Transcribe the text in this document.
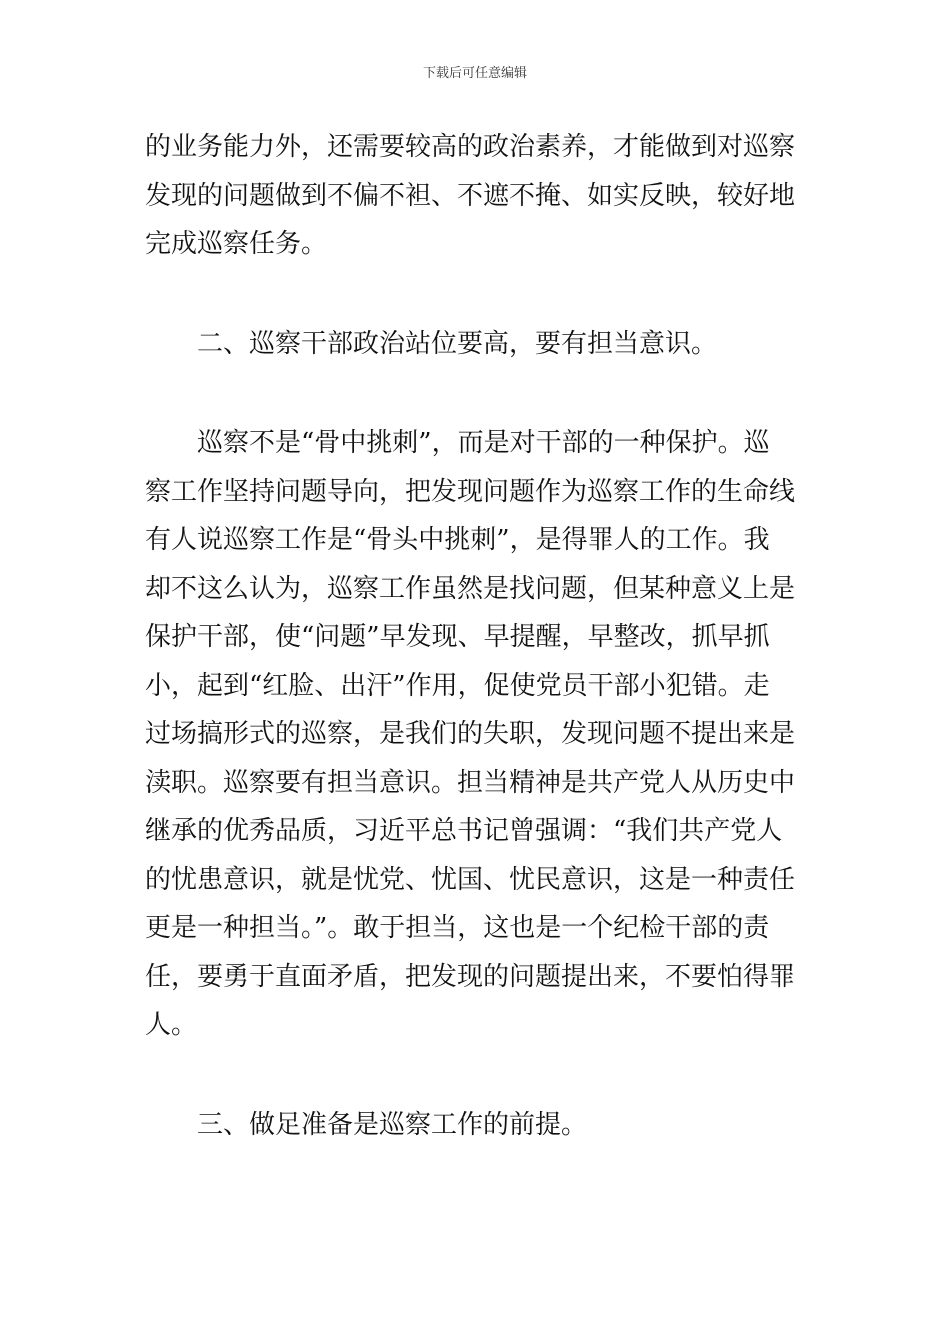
下载后可任意编辑
的业务能力外，还需要较高的政治素养，才能做到对巡察
发现的问题做到不偏不袒、不遮不掩、如实反映，较好地
完成巡察任务。
二、巡察干部政治站位要高，要有担当意识。
巡察不是“骨中挑刺”，而是对干部的一种保护。巡
察工作坚持问题导向，把发现问题作为巡察工作的生命线
有人说巡察工作是“骨头中挑刺”，是得罪人的工作。我
却不这么认为，巡察工作虽然是找问题，但某种意义上是
保护干部，使“问题”早发现、早提醒，早整改，抓早抓
小，起到“红脸、出汗”作用，促使党员干部小犯错。走
过场搞形式的巡察，是我们的失职，发现问题不提出来是
渎职。巡察要有担当意识。担当精神是共产党人从历史中
继承的优秀品质，习近平总书记曾强调：“我们共产党人
的忧患意识，就是忧党、忧国、忧民意识，这是一种责任
更是一种担当。”。敢于担当，这也是一个纪检干部的责
任，要勇于直面矛盾，把发现的问题提出来，不要怕得罪
人。
三、做足准备是巡察工作的前提。
